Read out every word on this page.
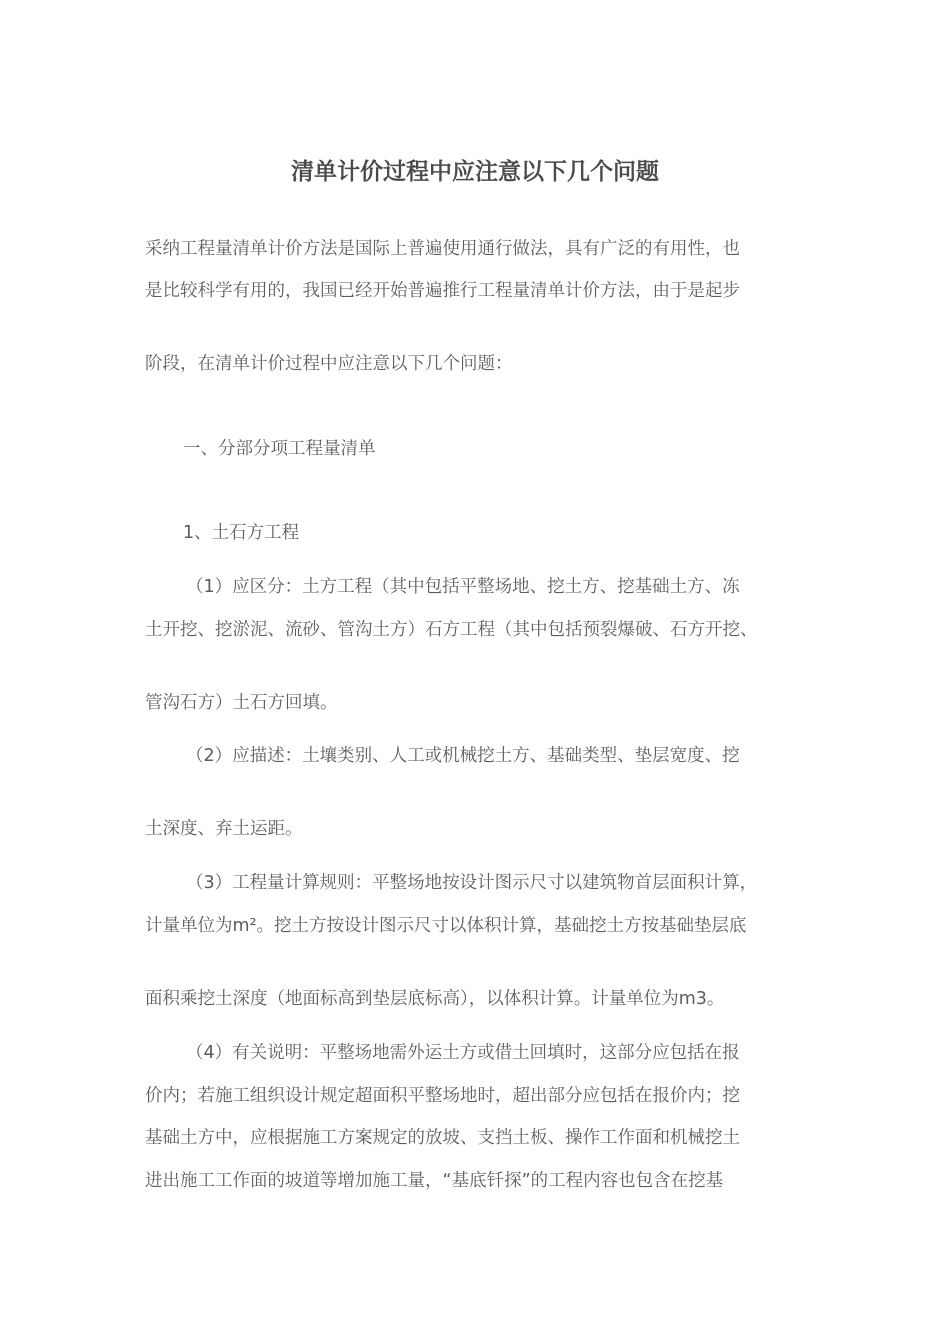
清单计价过程中应注意以下几个问题
采纳工程量清单计价方法是国际上普遍使用通行做法，具有广泛的有用性，也
是比较科学有用的，我国已经开始普遍推行工程量清单计价方法，由于是起步
阶段，在清单计价过程中应注意以下几个问题：
一、分部分项工程量清单
1、土石方工程
（1）应区分：土方工程（其中包括平整场地、挖土方、挖基础土方、冻
土开挖、挖淤泥、流砂、管沟土方）石方工程（其中包括预裂爆破、石方开挖、
管沟石方）土石方回填。
（2）应描述：土壤类别、人工或机械挖土方、基础类型、垫层宽度、挖
土深度、弃土运距。
（3）工程量计算规则：平整场地按设计图示尺寸以建筑物首层面积计算，
计量单位为m²。挖土方按设计图示尺寸以体积计算，基础挖土方按基础垫层底
面积乘挖土深度（地面标高到垫层底标高），以体积计算。计量单位为m3。
（4）有关说明：平整场地需外运土方或借土回填时，这部分应包括在报
价内；若施工组织设计规定超面积平整场地时，超出部分应包括在报价内；挖
基础土方中，应根据施工方案规定的放坡、支挡土板、操作工作面和机械挖土
进出施工工作面的坡道等增加施工量，“基底钎探”的工程内容也包含在挖基
